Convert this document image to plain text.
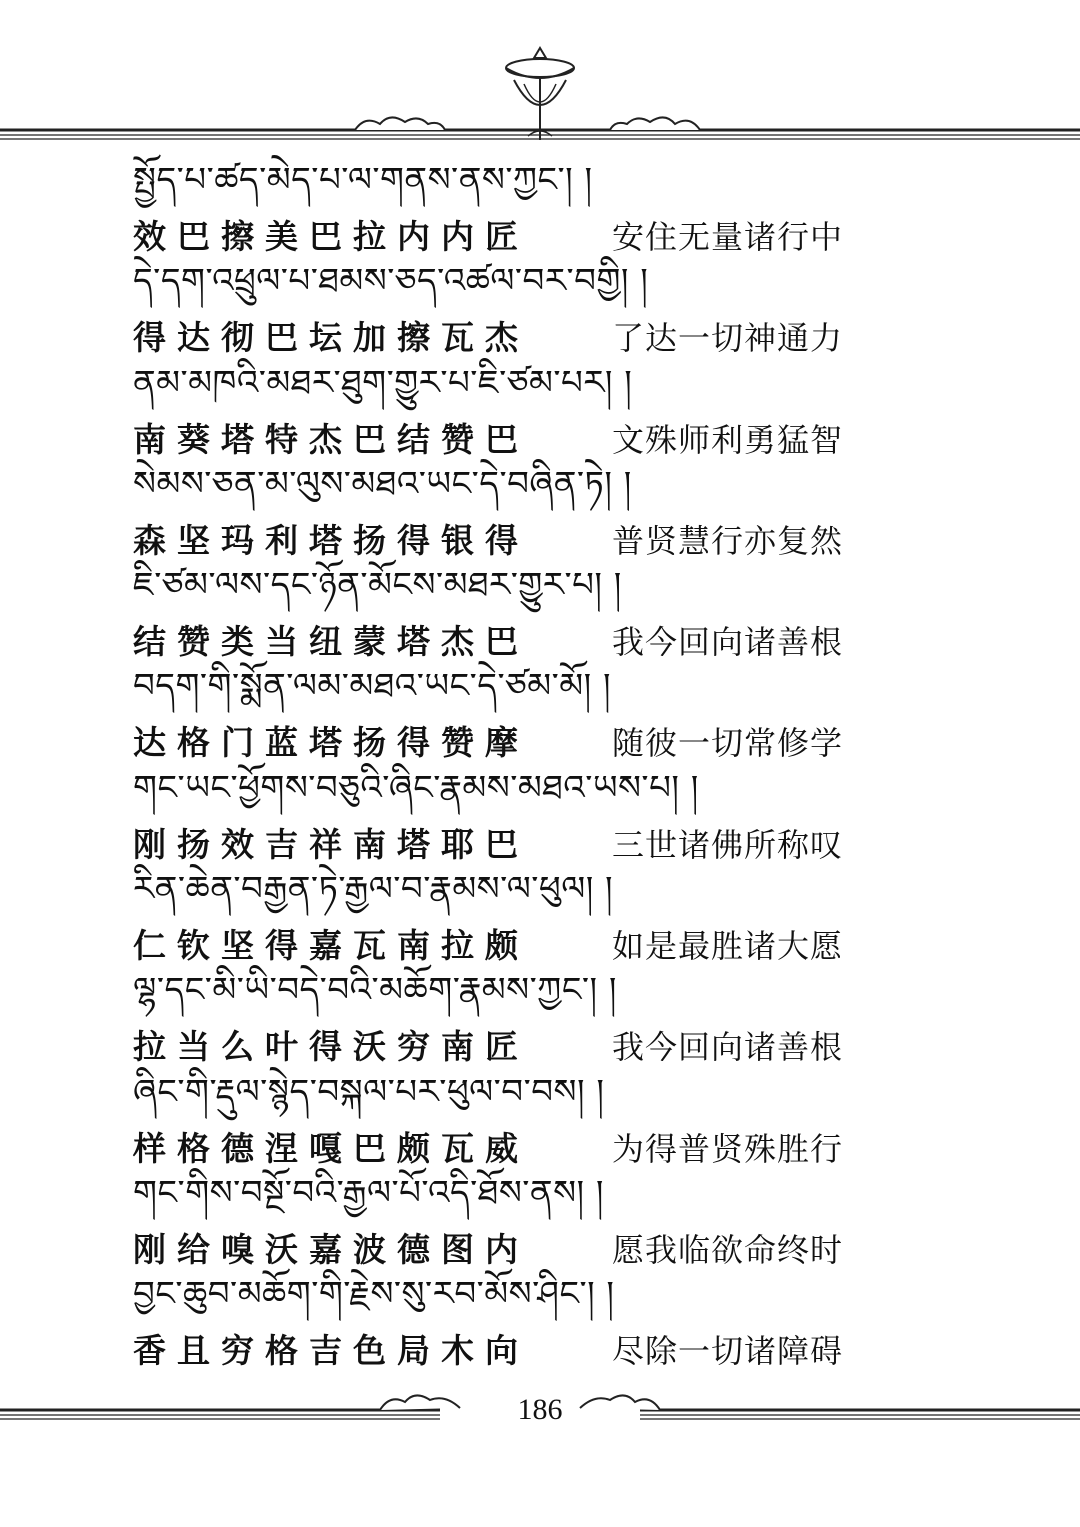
སྤྱོད་པ་ཚད་མེད་པ་ལ་གནས་ནས་ཀྱང་། །
效巴擦美巴拉内内匠	安住无量诸行中
དེ་དག་འཕྲུལ་པ་ཐམས་ཅད་འཚལ་བར་བགྱི། །
得达彻巴坛加擦瓦杰	了达一切神通力
ནམ་མཁའི་མཐར་ཐུག་གྱུར་པ་ཇི་ཙམ་པར། །
南葵塔特杰巴结赞巴	文殊师利勇猛智
སེམས་ཅན་མ་ལུས་མཐའ་ཡང་དེ་བཞིན་ཏེ། །
森坚玛利塔扬得银得	普贤慧行亦复然
ཇི་ཙམ་ལས་དང་ཉོན་མོངས་མཐར་གྱུར་པ། །
结赞类当纽蒙塔杰巴	我今回向诸善根
བདག་གི་སྨོན་ལམ་མཐའ་ཡང་དེ་ཙམ་མོ། །
达格门蓝塔扬得赞摩	随彼一切常修学
གང་ཡང་ཕྱོགས་བཅུའི་ཞིང་རྣམས་མཐའ་ཡས་པ། །
刚扬效吉祥南塔耶巴	三世诸佛所称叹
རིན་ཆེན་བརྒྱན་ཏེ་རྒྱལ་བ་རྣམས་ལ་ཕུལ། །
仁钦坚得嘉瓦南拉颇	如是最胜诸大愿
ལྷ་དང་མི་ཡི་བདེ་བའི་མཆོག་རྣམས་ཀྱང་། །
拉当么叶得沃穷南匠	我今回向诸善根
ཞིང་གི་རྡུལ་སྙེད་བསྐལ་པར་ཕུལ་བ་བས། །
样格德涅嘎巴颇瓦威	为得普贤殊胜行
གང་གིས་བསྔོ་བའི་རྒྱལ་པོ་འདི་ཐོས་ནས། །
刚给嗅沃嘉波德图内	愿我临欲命终时
བྱང་ཆུབ་མཆོག་གི་རྗེས་སུ་རབ་མོས་ཤིང་། །
香且穷格吉色局木向	尽除一切诸障碍
186
